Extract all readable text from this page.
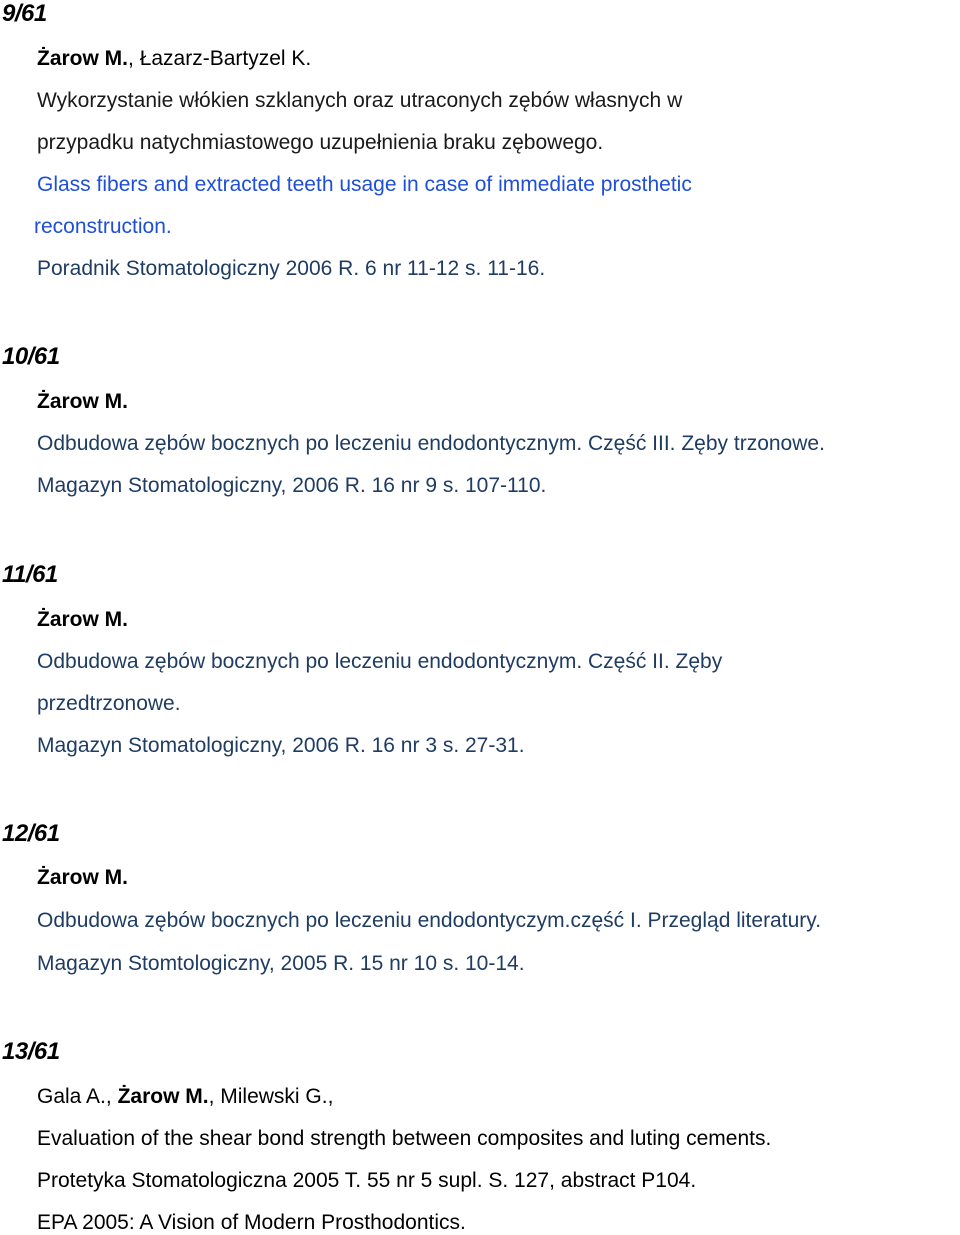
9/61
Żarow M., Łazarz-Bartyzel K.
Wykorzystanie włókien szklanych oraz utraconych zębów własnych w
przypadku natychmiastowego uzupełnienia braku zębowego.
Glass fibers and extracted teeth usage in case of immediate prosthetic
reconstruction.
Poradnik Stomatologiczny 2006 R. 6 nr 11-12 s. 11-16.
10/61
Żarow M.
Odbudowa zębów bocznych po leczeniu endodontycznym. Część III. Zęby trzonowe.
Magazyn Stomatologiczny, 2006 R. 16 nr 9 s. 107-110.
11/61
Żarow M.
Odbudowa zębów bocznych po leczeniu endodontycznym. Część II. Zęby
przedtrzonowe.
Magazyn Stomatologiczny, 2006 R. 16 nr 3 s. 27-31.
12/61
Żarow M.
Odbudowa zębów bocznych po leczeniu endodontyczym.część I. Przegląd literatury.
Magazyn Stomtologiczny, 2005 R. 15 nr 10 s. 10-14.
13/61
Gala A., Żarow M., Milewski G.,
Evaluation of the shear bond strength between composites and luting cements.
Protetyka Stomatologiczna 2005 T. 55 nr 5 supl. S. 127, abstract P104.
EPA 2005: A Vision of Modern Prosthodontics.
